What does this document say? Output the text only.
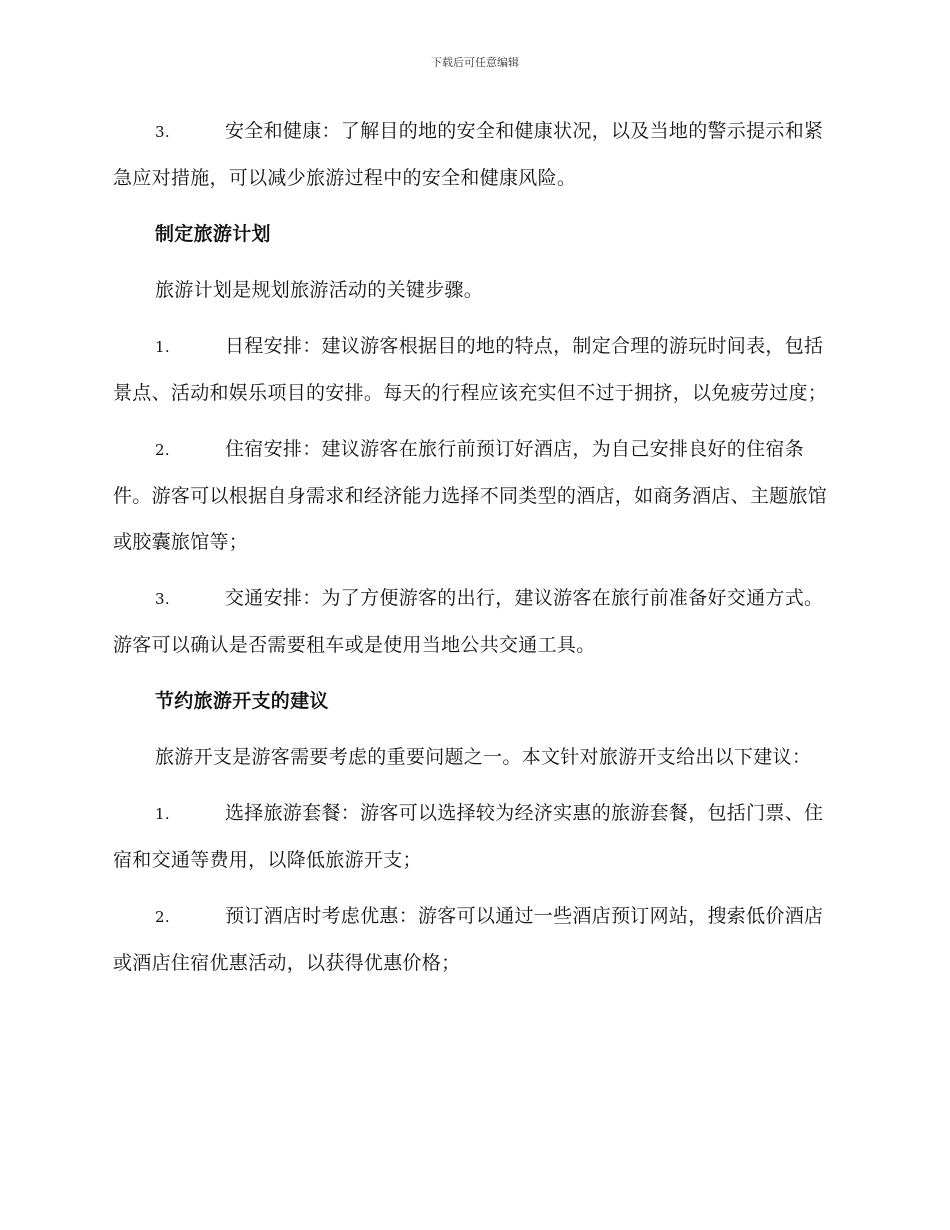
下载后可任意编辑

3.	安全和健康：了解目的地的安全和健康状况，以及当地的警示提示和紧急应对措施，可以减少旅游过程中的安全和健康风险。

制定旅游计划

旅游计划是规划旅游活动的关键步骤。

1.	日程安排：建议游客根据目的地的特点，制定合理的游玩时间表，包括景点、活动和娱乐项目的安排。每天的行程应该充实但不过于拥挤，以免疲劳过度；

2.	住宿安排：建议游客在旅行前预订好酒店，为自己安排良好的住宿条件。游客可以根据自身需求和经济能力选择不同类型的酒店，如商务酒店、主题旅馆或胶囊旅馆等；

3.	交通安排：为了方便游客的出行，建议游客在旅行前准备好交通方式。游客可以确认是否需要租车或是使用当地公共交通工具。

节约旅游开支的建议

旅游开支是游客需要考虑的重要问题之一。本文针对旅游开支给出以下建议：

1.	选择旅游套餐：游客可以选择较为经济实惠的旅游套餐，包括门票、住宿和交通等费用，以降低旅游开支；

2.	预订酒店时考虑优惠：游客可以通过一些酒店预订网站，搜索低价酒店或酒店住宿优惠活动，以获得优惠价格；
